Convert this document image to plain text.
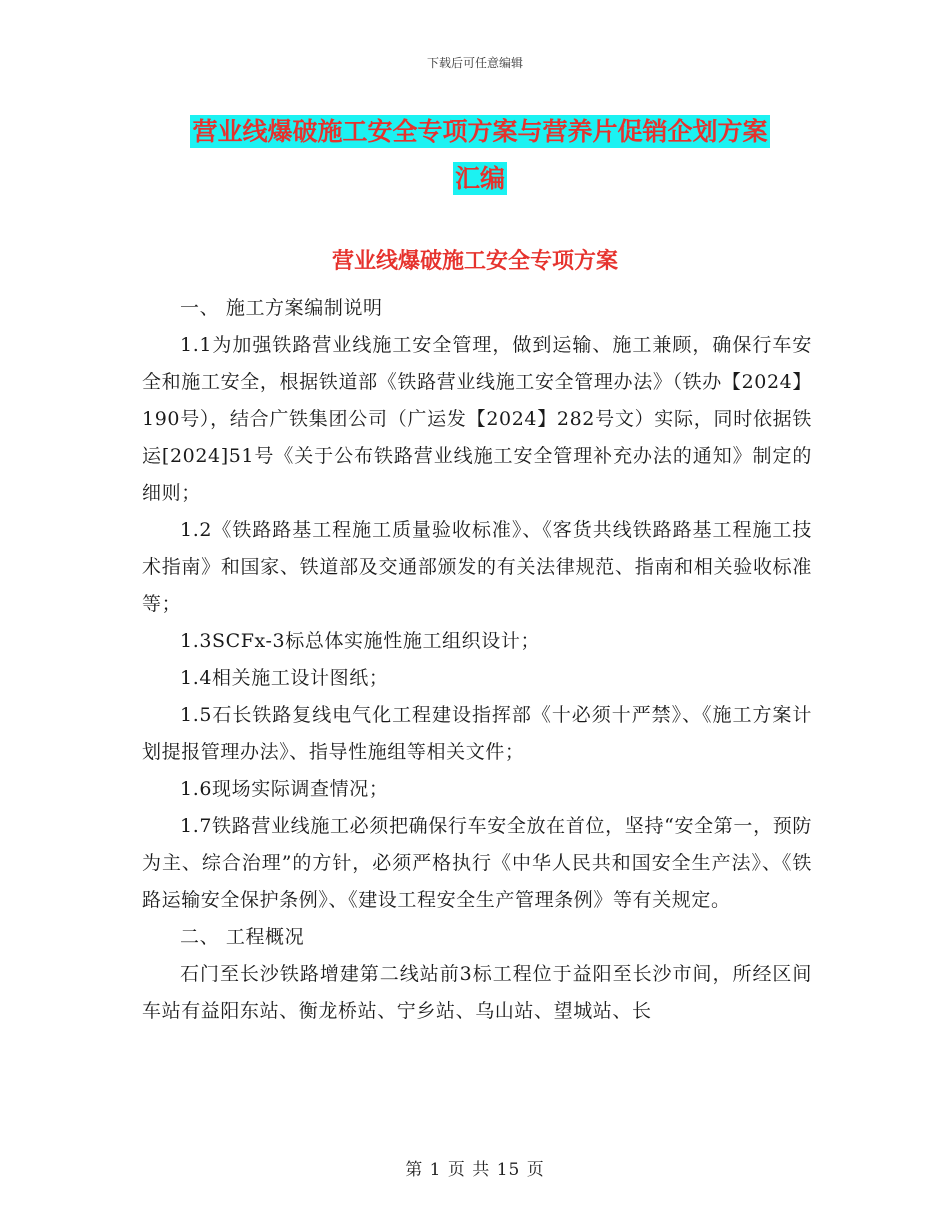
下载后可任意编辑
营业线爆破施工安全专项方案与营养片促销企划方案
汇编
营业线爆破施工安全专项方案

一、 施工方案编制说明

1.1为加强铁路营业线施工安全管理，做到运输、施工兼顾，确保行车安全和施工安全，根据铁道部《铁路营业线施工安全管理办法》（铁办【2024】190号），结合广铁集团公司（广运发【2024】282号文）实际，同时依据铁运[2024]51号《关于公布铁路营业线施工安全管理补充办法的通知》制定的细则；

1.2《铁路路基工程施工质量验收标准》、《客货共线铁路路基工程施工技术指南》和国家、铁道部及交通部颁发的有关法律规范、指南和相关验收标准等；

1.3SCFx-3标总体实施性施工组织设计；

1.4相关施工设计图纸；

1.5石长铁路复线电气化工程建设指挥部《十必须十严禁》、《施工方案计划提报管理办法》、指导性施组等相关文件；

1.6现场实际调查情况；

1.7铁路营业线施工必须把确保行车安全放在首位，坚持“安全第一，预防为主、综合治理”的方针，必须严格执行《中华人民共和国安全生产法》、《铁路运输安全保护条例》、《建设工程安全生产管理条例》等有关规定。

二、 工程概况

石门至长沙铁路增建第二线站前3标工程位于益阳至长沙市间，所经区间车站有益阳东站、衡龙桥站、宁乡站、乌山站、望城站、长

第 1 页 共 15 页
